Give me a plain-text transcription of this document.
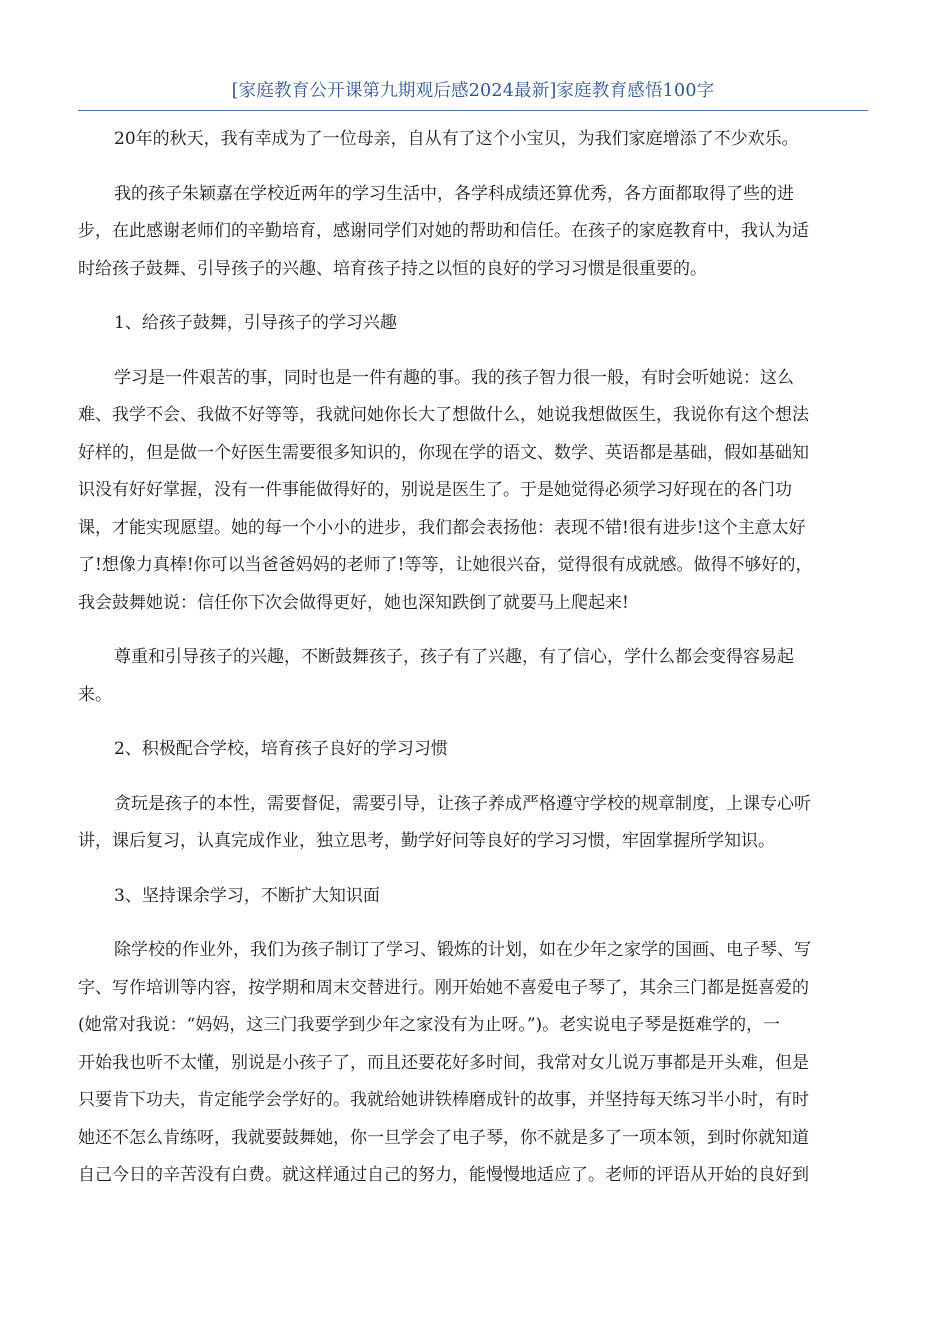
[家庭教育公开课第九期观后感2024最新]家庭教育感悟100字

20年的秋天，我有幸成为了一位母亲，自从有了这个小宝贝，为我们家庭增添了不少欢乐。

我的孩子朱颖嘉在学校近两年的学习生活中，各学科成绩还算优秀，各方面都取得了些的进
步，在此感谢老师们的辛勤培育，感谢同学们对她的帮助和信任。在孩子的家庭教育中，我认为适
时给孩子鼓舞、引导孩子的兴趣、培育孩子持之以恒的良好的学习习惯是很重要的。

1、给孩子鼓舞，引导孩子的学习兴趣

学习是一件艰苦的事，同时也是一件有趣的事。我的孩子智力很一般，有时会听她说：这么
难、我学不会、我做不好等等，我就问她你长大了想做什么，她说我想做医生，我说你有这个想法
好样的，但是做一个好医生需要很多知识的，你现在学的语文、数学、英语都是基础，假如基础知
识没有好好掌握，没有一件事能做得好的，别说是医生了。于是她觉得必须学习好现在的各门功
课，才能实现愿望。她的每一个小小的进步，我们都会表扬他：表现不错!很有进步!这个主意太好
了!想像力真棒!你可以当爸爸妈妈的老师了!等等，让她很兴奋，觉得很有成就感。做得不够好的，
我会鼓舞她说：信任你下次会做得更好，她也深知跌倒了就要马上爬起来!

尊重和引导孩子的兴趣，不断鼓舞孩子，孩子有了兴趣，有了信心，学什么都会变得容易起
来。

2、积极配合学校，培育孩子良好的学习习惯

贪玩是孩子的本性，需要督促，需要引导，让孩子养成严格遵守学校的规章制度，上课专心听
讲，课后复习，认真完成作业，独立思考，勤学好问等良好的学习习惯，牢固掌握所学知识。

3、坚持课余学习，不断扩大知识面

除学校的作业外，我们为孩子制订了学习、锻炼的计划，如在少年之家学的国画、电子琴、写
字、写作培训等内容，按学期和周末交替进行。刚开始她不喜爱电子琴了，其余三门都是挺喜爱的
(她常对我说：“妈妈，这三门我要学到少年之家没有为止呀。”)。老实说电子琴是挺难学的，一
开始我也听不太懂，别说是小孩子了，而且还要花好多时间，我常对女儿说万事都是开头难，但是
只要肯下功夫，肯定能学会学好的。我就给她讲铁棒磨成针的故事，并坚持每天练习半小时，有时
她还不怎么肯练呀，我就要鼓舞她，你一旦学会了电子琴，你不就是多了一项本领，到时你就知道
自己今日的辛苦没有白费。就这样通过自己的努力，能慢慢地适应了。老师的评语从开始的良好到
